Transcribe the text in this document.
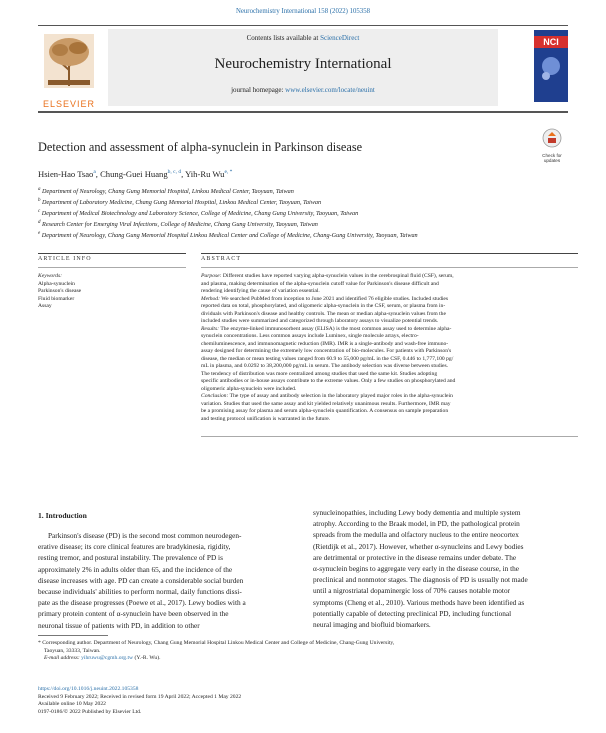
Neurochemistry International 158 (2022) 105358
ELSEVIER
Contents lists available at ScienceDirect
Neurochemistry International
journal homepage: www.elsevier.com/locate/neuint
NCI
Detection and assessment of alpha-synuclein in Parkinson disease
Check for
updates
Hsien-Hao Tsao$^a$, Chung-Guei Huang$^{b, c, d}$, Yih-Ru $Wu^{e, *}$
$^a$ Department of Neurology, Chang Gung Memorial Hospital, Linkou Medical Center, Taoyuan, Taiwan
$^b$ Department of Laboratory Medicine, Chang Gung Memorial Hospital, Linkou Medical Center, Taoyuan, Taiwan
$^c$ Department of Medical Biotechnology and Laboratory Science, College of Medicine, Chang Gung University, Taoyuan, Taiwan
$^d$ Research Center for Emerging Viral Infections, College of Medicine, Chang Gung University, Taoyuan, Taiwan
$^e$ Department of Neurology, Chang Gung Memorial Hospital Linkou Medical Center and College of Medicine, Chang-Gung University, Taoyuan, Taiwan
ARTICLE INFO	ABSTRACT
Keywords:
Alpha-synuclein
Parkinson's disease
Fluid biomarker
Assay
Purpose: Different studies have reported varying alpha-synuclein values in the cerebrospinal fluid (CSF), serum,
and plasma, making determination of the alpha-synuclein cutoff value for Parkinson's disease difficult and
rendering identifying the cause of variation essential.
Method: We searched PubMed from inception to June 2021 and identified 76 eligible studies. Included studies
reported data on total, phosphorylated, and oligomeric alpha-synuclein in the CSF, serum, or plasma from in-
dividuals with Parkinson's disease and healthy controls. The mean or median alpha-synuclein values from the
included studies were summarized and categorized through laboratory assays to visualize potential trends.
Results: The enzyme-linked immunosorbent assay (ELISA) is the most common assay used to determine alpha-
synuclein concentrations. Less common assays include Luminex, single molecule arrays, electro-
chemiluminescence, and immunomagnetic reduction (IMR). IMR is a single-antibody and wash-free immuno-
assay designed for determining the extremely low concentration of bio-molecules. For patients with Parkinson's
disease, the median or mean testing values ranged from 60.9 to 55,000 pg/mL in the CSF, 0.446 to 1,777,100 pg/
mL in plasma, and 0.0292 to 38,200,000 pg/mL in serum. The antibody selection was diverse between studies.
The tendency of distribution was more centralized among studies that used the same kit. Studies adopting
specific antibodies or in-house assays contribute to the extreme values. Only a few studies on phosphorylated and
oligomeric alpha-synuclein were included.
Conclusion: The type of assay and antibody selection in the laboratory played major roles in the alpha-synuclein
variation. Studies that used the same assay and kit yielded relatively unanimous results. Furthermore, IMR may
be a promising assay for plasma and serum alpha-synuclein quantification. A consensus on sample preparation
and testing protocol unification is warranted in the future.
1. Introduction
Parkinson's disease (PD) is the second most common neurodegen-
erative disease; its core clinical features are bradykinesia, rigidity,
resting tremor, and postural instability. The prevalence of PD is
approximately 2% in adults older than 65, and the incidence of the
disease increases with age. PD can create a considerable social burden
because individuals' abilities to perform normal, daily functions dissi-
pate as the disease progresses (Poewe et al., 2017). Lewy bodies with a
primary protein content of α-synuclein have been observed in the
neuronal tissue of patients with PD, in addition to other
synucleinopathies, including Lewy body dementia and multiple system
atrophy. According to the Braak model, in PD, the pathological protein
spreads from the medulla and olfactory nucleus to the entire neocortex
(Rietdijk et al., 2017). However, whether α-synucleins and Lewy bodies
are detrimental or protective in the disease remains under debate. The
α-synuclein begins to aggregate very early in the disease course, in the
preclinical and nonmotor stages. The diagnosis of PD is usually not made
until a nigrostriatal dopaminergic loss of 70% causes notable motor
symptoms (Cheng et al., 2010). Various methods have been identified as
potentially capable of detecting preclinical PD, including functional
neural imaging and biofluid biomarkers.
* Corresponding author. Department of Neurology, Chang Gung Memorial Hospital Linkou Medical Center and College of Medicine, Chang-Gung University,
Taoyuan, 33333, Taiwan.
E-mail address: yihruwu@cgmh.org.tw (Y.-R. Wu).
https://doi.org/10.1016/j.neuint.2022.105358
Received 9 February 2022; Received in revised form 19 April 2022; Accepted 1 May 2022
Available online 10 May 2022
0197-0186/© 2022 Published by Elsevier Ltd.
